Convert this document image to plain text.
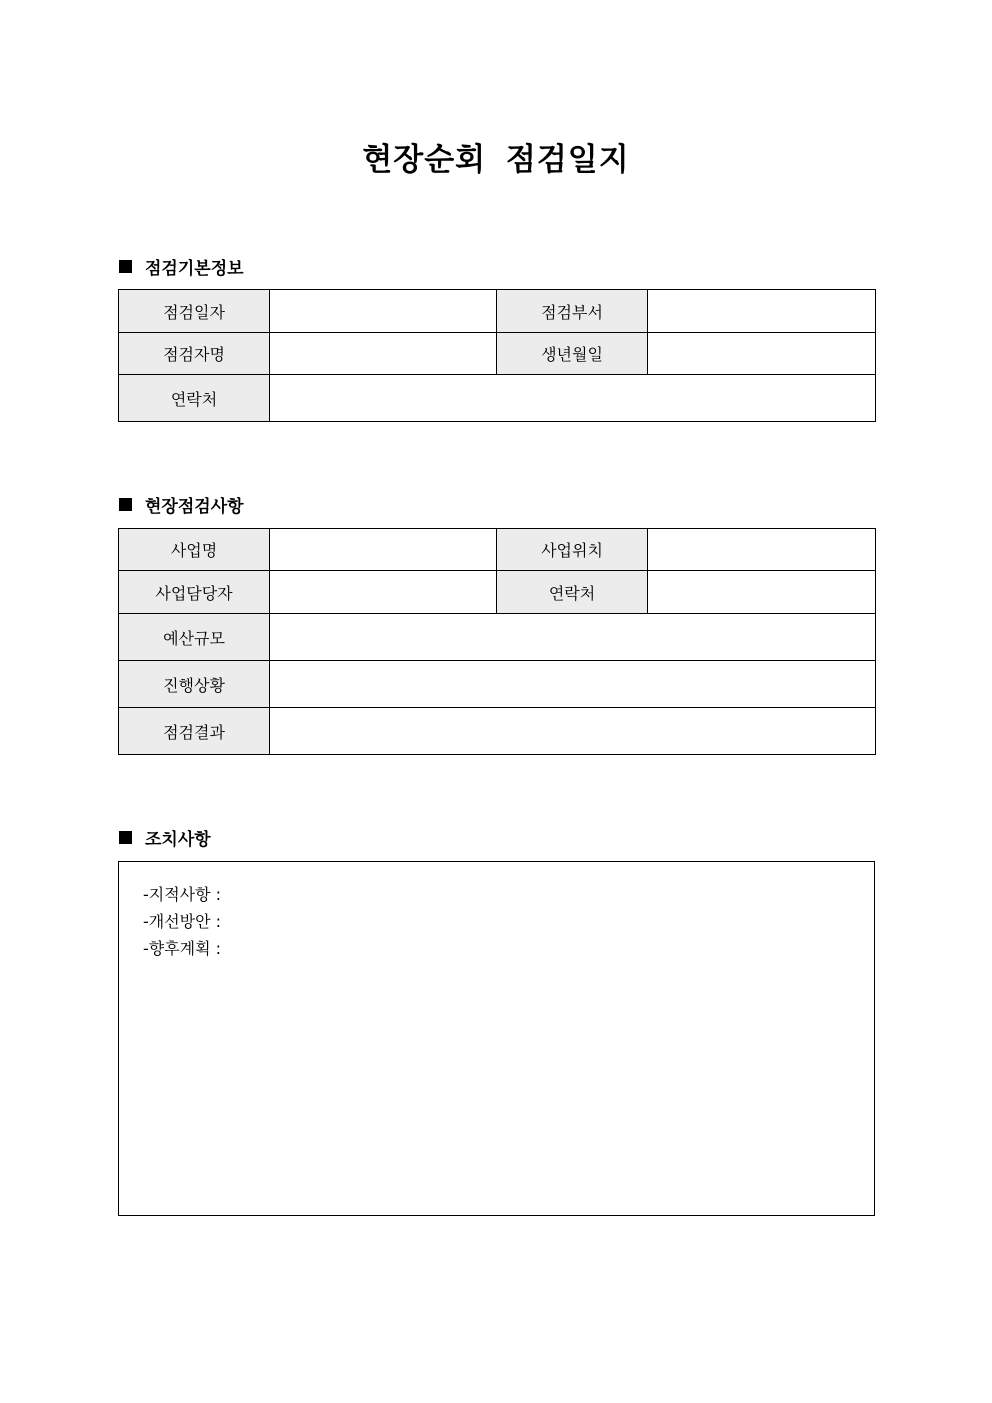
현장순회 점검일지
점검기본정보
점검일자		점검부서	
점검자명		생년월일	
연락처			
현장점검사항
사업명		사업위치	
사업담당자		연락처	
예산규모			
진행상황			
점검결과			
조치사항
-지적사항 :
-개선방안 :
-향후계획 :
